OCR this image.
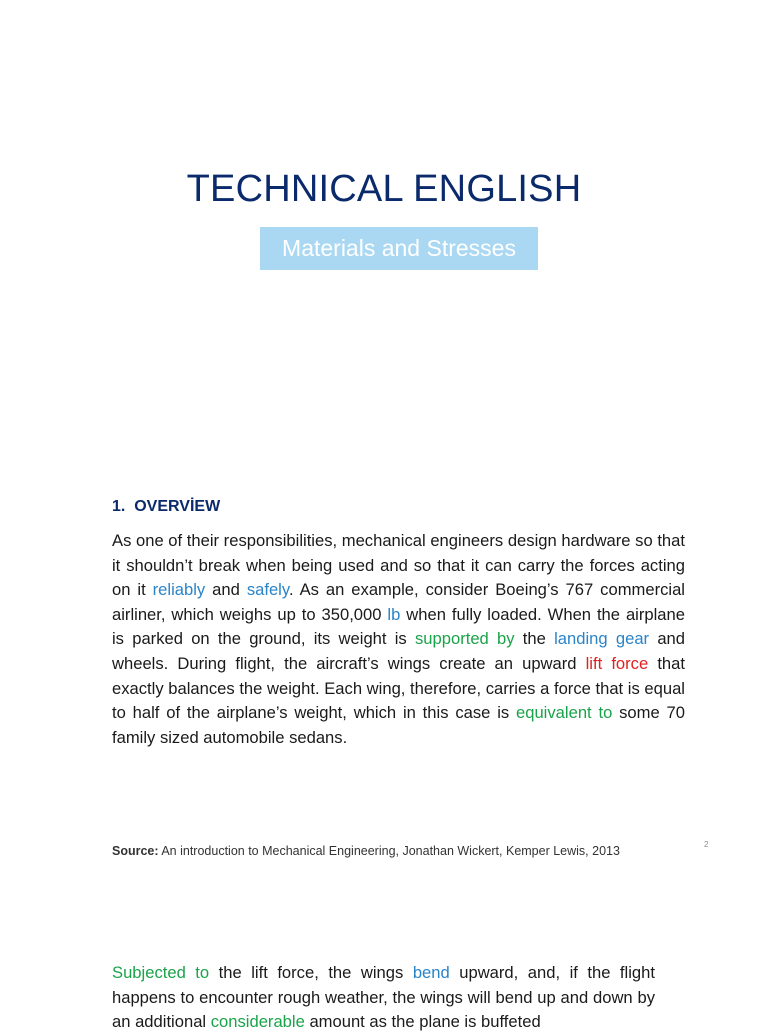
TECHNICAL ENGLISH
Materials and Stresses
1. OVERVİEW

As one of their responsibilities, mechanical engineers design hardware so that it shouldn’t break when being used and so that it can carry the forces acting on it reliably and safely. As an example, consider Boeing’s 767 commercial airliner, which weighs up to 350,000 lb when fully loaded. When the airplane is parked on the ground, its weight is supported by the landing gear and wheels. During flight, the aircraft’s wings create an upward lift force that exactly balances the weight. Each wing, therefore, carries a force that is equal to half of the airplane’s weight, which in this case is equivalent to some 70 family sized automobile sedans.

Source: An introduction to Mechanical Engineering, Jonathan Wickert, Kemper Lewis, 2013	2

Subjected to the lift force, the wings bend upward, and, if the flight happens to encounter rough weather, the wings will bend up and down by an additional considerable amount as the plane is buffeted
